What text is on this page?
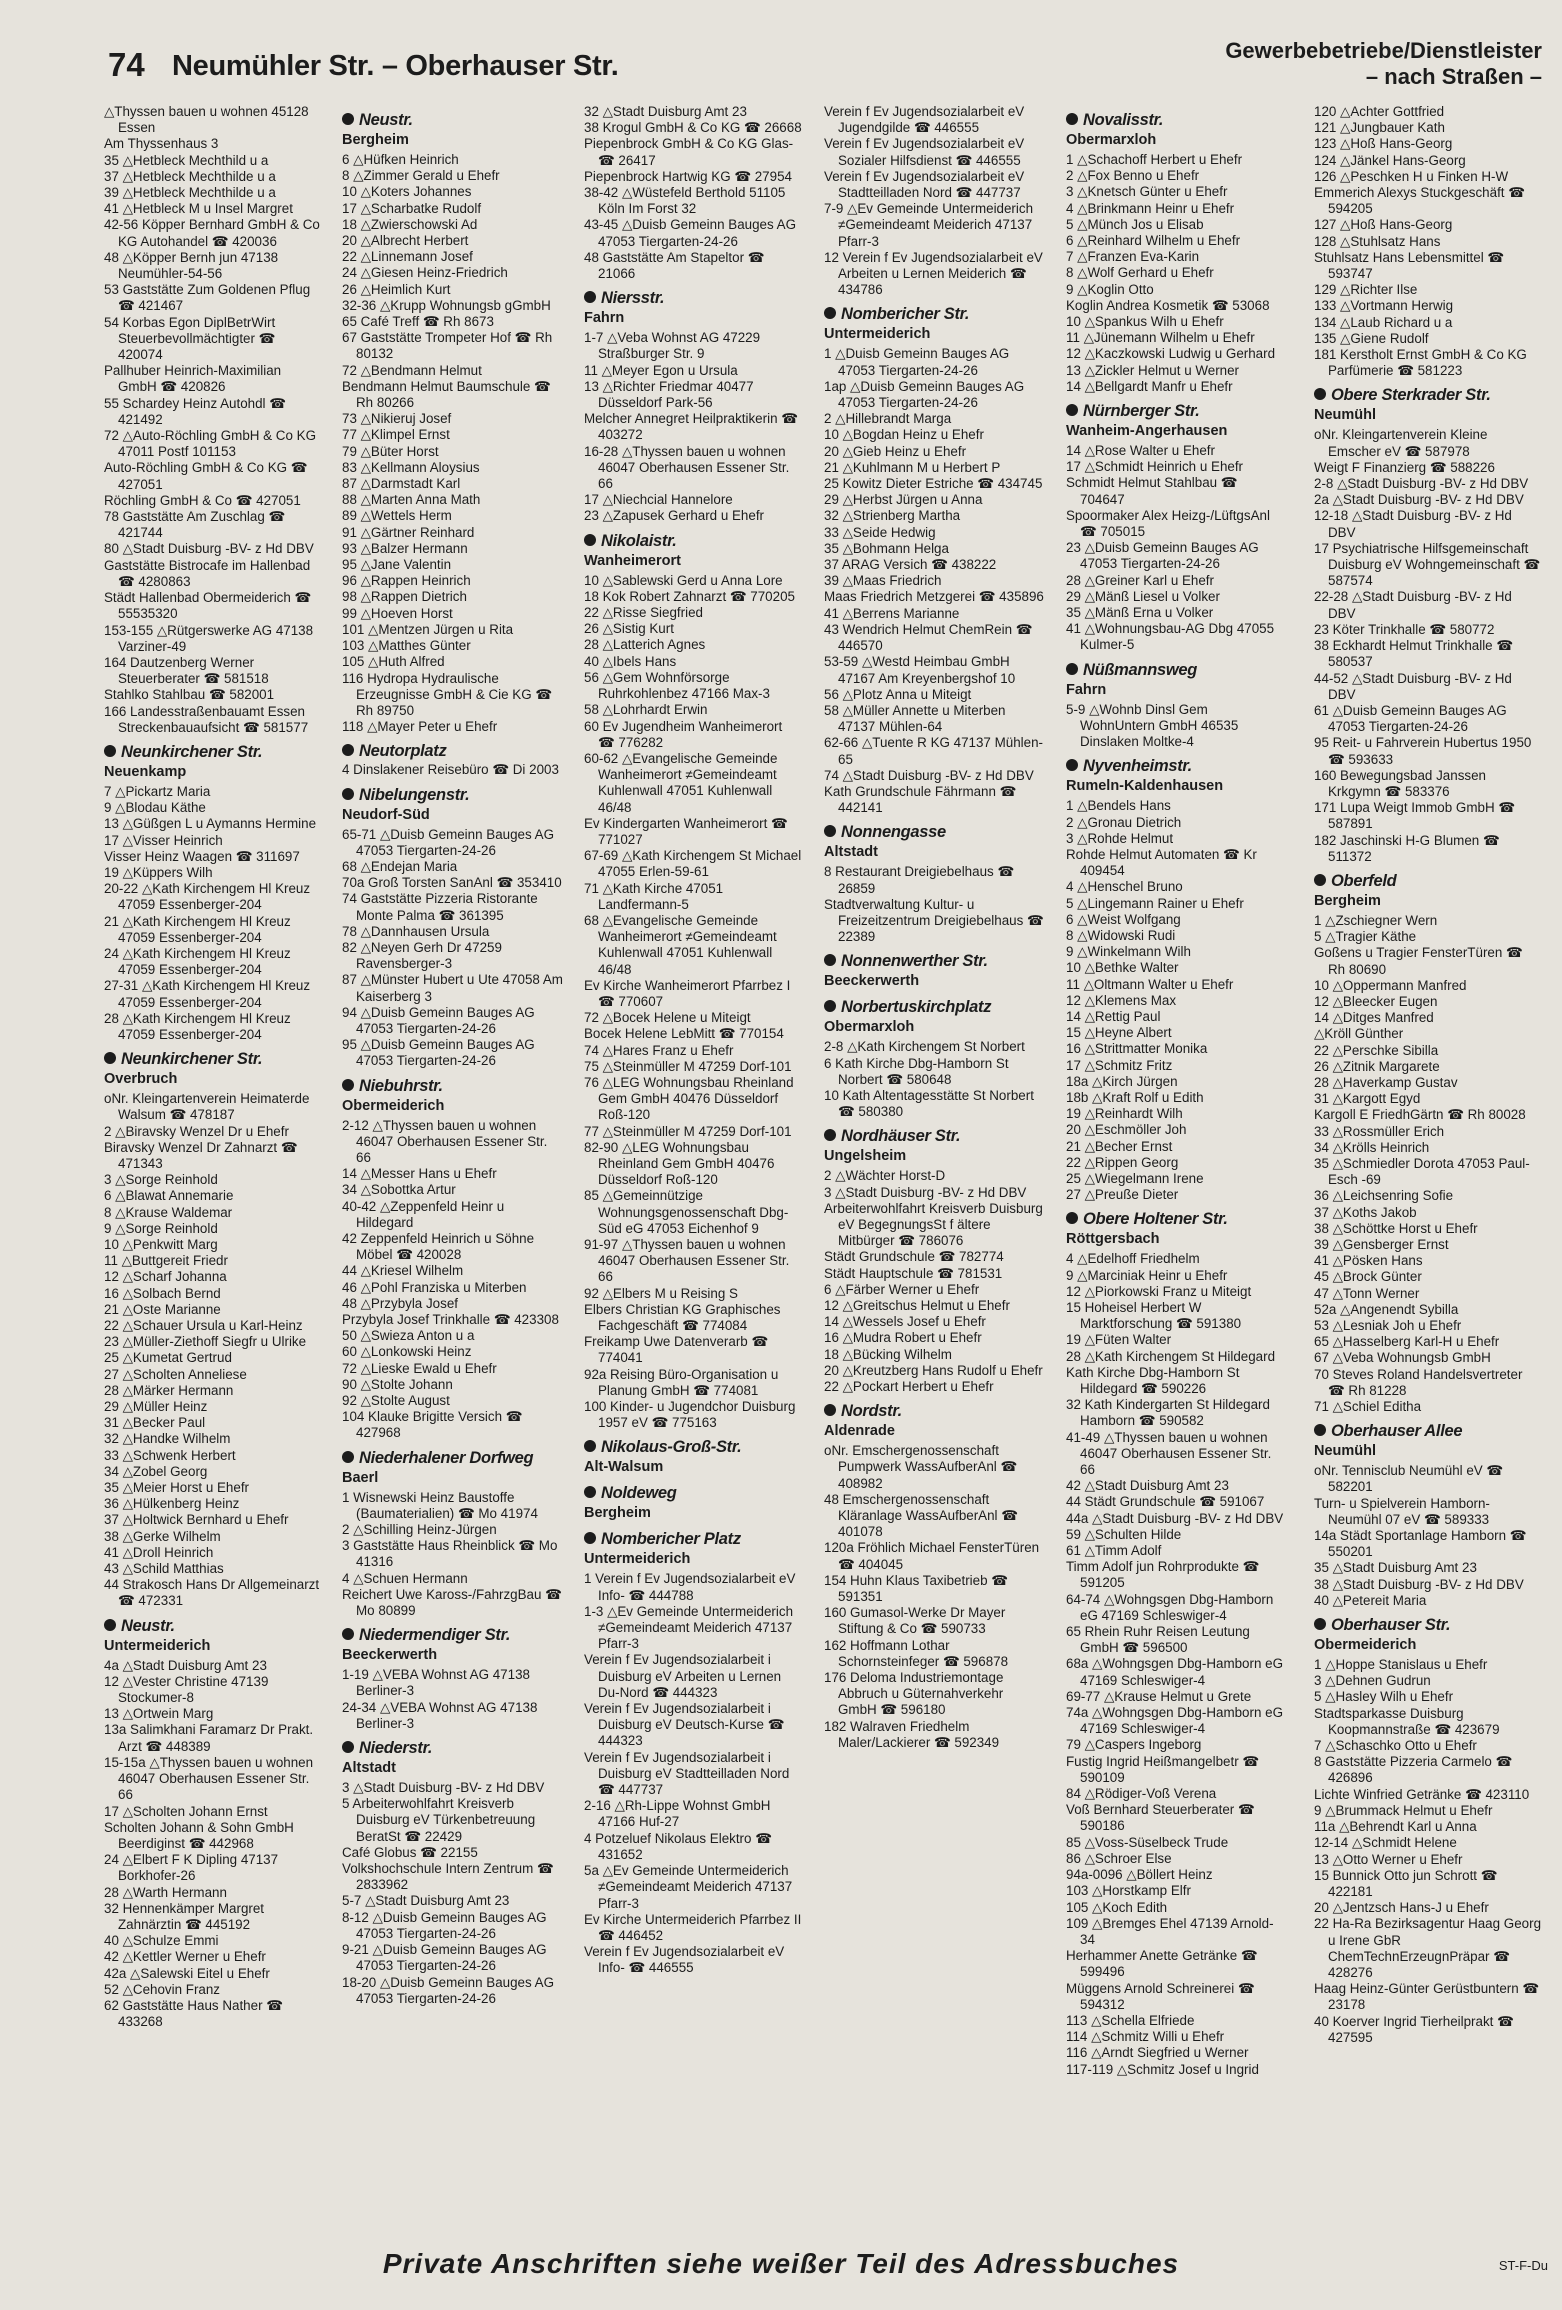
74 Neumühler Str. – Oberhauser Str.	Gewerbebetriebe/Dienstleister
– nach Straßen –
△Thyssen bauen u wohnen 45128 Essen
Am Thyssenhaus 3
35 △Hetbleck Mechthild u a
37 △Hetbleck Mechthilde u a
39 △Hetbleck Mechthilde u a
41 △Hetbleck M u Insel Margret
42-56 Köpper Bernhard GmbH & Co KG Autohandel ☎ 420036
48 △Köpper Bernh jun 47138 Neumühler-54-56
53 Gaststätte Zum Goldenen Pflug ☎ 421467
54 Korbas Egon DiplBetrWirt Steuerbevollmächtigter ☎ 420074
Pallhuber Heinrich-Maximilian GmbH ☎ 420826
55 Schardey Heinz Autohdl ☎ 421492
72 △Auto-Röchling GmbH & Co KG 47011 Postf 101153
Auto-Röchling GmbH & Co KG ☎ 427051
Röchling GmbH & Co ☎ 427051
78 Gaststätte Am Zuschlag ☎ 421744
80 △Stadt Duisburg -BV- z Hd DBV
Gaststätte Bistrocafe im Hallenbad ☎ 4280863
Städt Hallenbad Obermeiderich ☎ 55535320
153-155 △Rütgerswerke AG 47138 Varziner-49
164 Dautzenberg Werner Steuerberater ☎ 581518
Stahlko Stahlbau ☎ 582001
166 Landesstraßenbauamt Essen Streckenbauaufsicht ☎ 581577
Neunkirchener Str.
Neuenkamp
7 △Pickartz Maria
9 △Blodau Käthe
13 △Güßgen L u Aymanns Hermine
17 △Visser Heinrich
Visser Heinz Waagen ☎ 311697
19 △Küppers Wilh
20-22 △Kath Kirchengem Hl Kreuz 47059 Essenberger-204
21 △Kath Kirchengem Hl Kreuz 47059 Essenberger-204
24 △Kath Kirchengem Hl Kreuz 47059 Essenberger-204
27-31 △Kath Kirchengem Hl Kreuz 47059 Essenberger-204
28 △Kath Kirchengem Hl Kreuz 47059 Essenberger-204
Neunkirchener Str.
Overbruch
oNr. Kleingartenverein Heimaterde Walsum ☎ 478187
2 △Biravsky Wenzel Dr u Ehefr
Biravsky Wenzel Dr Zahnarzt ☎ 471343
3 △Sorge Reinhold
6 △Blawat Annemarie
8 △Krause Waldemar
9 △Sorge Reinhold
10 △Penkwitt Marg
11 △Buttgereit Friedr
12 △Scharf Johanna
16 △Solbach Bernd
21 △Oste Marianne
22 △Schauer Ursula u Karl-Heinz
23 △Müller-Ziethoff Siegfr u Ulrike
25 △Kumetat Gertrud
27 △Scholten Anneliese
28 △Märker Hermann
29 △Müller Heinz
31 △Becker Paul
32 △Handke Wilhelm
33 △Schwenk Herbert
34 △Zobel Georg
35 △Meier Horst u Ehefr
36 △Hülkenberg Heinz
37 △Holtwick Bernhard u Ehefr
38 △Gerke Wilhelm
41 △Droll Heinrich
43 △Schild Matthias
44 Strakosch Hans Dr Allgemeinarzt ☎ 472331
Neustr.
Untermeiderich
4a △Stadt Duisburg Amt 23
12 △Vester Christine 47139 Stockumer-8
13 △Ortwein Marg
13a Salimkhani Faramarz Dr Prakt. Arzt ☎ 448389
15-15a △Thyssen bauen u wohnen 46047 Oberhausen Essener Str. 66
17 △Scholten Johann Ernst
Scholten Johann & Sohn GmbH Beerdiginst ☎ 442968
24 △Elbert F K Dipling 47137 Borkhofer-26
28 △Warth Hermann
32 Hennenkämper Margret Zahnärztin ☎ 445192
40 △Schulze Emmi
42 △Kettler Werner u Ehefr
42a △Salewski Eitel u Ehefr
52 △Cehovin Franz
62 Gaststätte Haus Nather ☎ 433268
Neustr.
Bergheim
6 △Hüfken Heinrich
8 △Zimmer Gerald u Ehefr
10 △Koters Johannes
17 △Scharbatke Rudolf
18 △Zwierschowski Ad
20 △Albrecht Herbert
22 △Linnemann Josef
24 △Giesen Heinz-Friedrich
26 △Heimlich Kurt
32-36 △Krupp Wohnungsb gGmbH
65 Café Treff ☎ Rh 8673
67 Gaststätte Trompeter Hof ☎ Rh 80132
72 △Bendmann Helmut
Bendmann Helmut Baumschule ☎ Rh 80266
73 △Nikieruj Josef
77 △Klimpel Ernst
79 △Büter Horst
83 △Kellmann Aloysius
87 △Darmstadt Karl
88 △Marten Anna Math
89 △Wettels Herm
91 △Gärtner Reinhard
93 △Balzer Hermann
95 △Jane Valentin
96 △Rappen Heinrich
98 △Rappen Dietrich
99 △Hoeven Horst
101 △Mentzen Jürgen u Rita
103 △Matthes Günter
105 △Huth Alfred
116 Hydropa Hydraulische Erzeugnisse GmbH & Cie KG ☎ Rh 89750
118 △Mayer Peter u Ehefr
Neutorplatz
4 Dinslakener Reisebüro ☎ Di 2003
Nibelungenstr.
Neudorf-Süd
65-71 △Duisb Gemeinn Bauges AG 47053 Tiergarten-24-26
68 △Endejan Maria
70a Groß Torsten SanAnl ☎ 353410
74 Gaststätte Pizzeria Ristorante Monte Palma ☎ 361395
78 △Dannhausen Ursula
82 △Neyen Gerh Dr 47259 Ravensberger-3
87 △Münster Hubert u Ute 47058 Am Kaiserberg 3
94 △Duisb Gemeinn Bauges AG 47053 Tiergarten-24-26
95 △Duisb Gemeinn Bauges AG 47053 Tiergarten-24-26
Niebuhrstr.
Obermeiderich
2-12 △Thyssen bauen u wohnen 46047 Oberhausen Essener Str. 66
14 △Messer Hans u Ehefr
34 △Sobottka Artur
40-42 △Zeppenfeld Heinr u Hildegard
42 Zeppenfeld Heinrich u Söhne Möbel ☎ 420028
44 △Kriesel Wilhelm
46 △Pohl Franziska u Miterben
48 △Przybyla Josef
Przybyla Josef Trinkhalle ☎ 423308
50 △Swieza Anton u a
60 △Lonkowski Heinz
72 △Lieske Ewald u Ehefr
90 △Stolte Johann
92 △Stolte August
104 Klauke Brigitte Versich ☎ 427968
Niederhalener Dorfweg
Baerl
1 Wisnewski Heinz Baustoffe (Baumaterialien) ☎ Mo 41974
2 △Schilling Heinz-Jürgen
3 Gaststätte Haus Rheinblick ☎ Mo 41316
4 △Schuen Hermann
Reichert Uwe Kaross-/FahrzgBau ☎ Mo 80899
Niedermendiger Str.
Beeckerwerth
1-19 △VEBA Wohnst AG 47138 Berliner-3
24-34 △VEBA Wohnst AG 47138 Berliner-3
Niederstr.
Altstadt
3 △Stadt Duisburg -BV- z Hd DBV
5 Arbeiterwohlfahrt Kreisverb Duisburg eV Türkenbetreuung BeratSt ☎ 22429
Café Globus ☎ 22155
Volkshochschule Intern Zentrum ☎ 2833962
5-7 △Stadt Duisburg Amt 23
8-12 △Duisb Gemeinn Bauges AG 47053 Tiergarten-24-26
9-21 △Duisb Gemeinn Bauges AG 47053 Tiergarten-24-26
18-20 △Duisb Gemeinn Bauges AG 47053 Tiergarten-24-26
32 △Stadt Duisburg Amt 23
38 Krogul GmbH & Co KG ☎ 26668
Piepenbrock GmbH & Co KG Glas- ☎ 26417
Piepenbrock Hartwig KG ☎ 27954
38-42 △Wüstefeld Berthold 51105 Köln Im Forst 32
43-45 △Duisb Gemeinn Bauges AG 47053 Tiergarten-24-26
48 Gaststätte Am Stapeltor ☎ 21066
Niersstr.
Fahrn
1-7 △Veba Wohnst AG 47229 Straßburger Str. 9
11 △Meyer Egon u Ursula
13 △Richter Friedmar 40477 Düsseldorf Park-56
Melcher Annegret Heilpraktikerin ☎ 403272
16-28 △Thyssen bauen u wohnen 46047 Oberhausen Essener Str. 66
17 △Niechcial Hannelore
23 △Zapusek Gerhard u Ehefr
Nikolaistr.
Wanheimerort
10 △Sablewski Gerd u Anna Lore
18 Kok Robert Zahnarzt ☎ 770205
22 △Risse Siegfried
26 △Sistig Kurt
28 △Latterich Agnes
40 △Ibels Hans
56 △Gem Wohnförsorge Ruhrkohlenbez 47166 Max-3
58 △Lohrhardt Erwin
60 Ev Jugendheim Wanheimerort ☎ 776282
60-62 △Evangelische Gemeinde Wanheimerort ≠Gemeindeamt Kuhlenwall 47051 Kuhlenwall 46/48
Ev Kindergarten Wanheimerort ☎ 771027
67-69 △Kath Kirchengem St Michael 47055 Erlen-59-61
71 △Kath Kirche 47051 Landfermann-5
68 △Evangelische Gemeinde Wanheimerort ≠Gemeindeamt Kuhlenwall 47051 Kuhlenwall 46/48
Ev Kirche Wanheimerort Pfarrbez I ☎ 770607
72 △Bocek Helene u Miteigt
Bocek Helene LebMitt ☎ 770154
74 △Hares Franz u Ehefr
75 △Steinmüller M 47259 Dorf-101
76 △LEG Wohnungsbau Rheinland Gem GmbH 40476 Düsseldorf Roß-120
77 △Steinmüller M 47259 Dorf-101
82-90 △LEG Wohnungsbau Rheinland Gem GmbH 40476 Düsseldorf Roß-120
85 △Gemeinnützige Wohnungsgenossenschaft Dbg-Süd eG 47053 Eichenhof 9
91-97 △Thyssen bauen u wohnen 46047 Oberhausen Essener Str. 66
92 △Elbers M u Reising S
Elbers Christian KG Graphisches Fachgeschäft ☎ 774084
Freikamp Uwe Datenverarb ☎ 774041
92a Reising Büro-Organisation u Planung GmbH ☎ 774081
100 Kinder- u Jugendchor Duisburg 1957 eV ☎ 775163
Nikolaus-Groß-Str.
Alt-Walsum
Noldeweg
Bergheim
Nombericher Platz
Untermeiderich
1 Verein f Ev Jugendsozialarbeit eV Info- ☎ 444788
1-3 △Ev Gemeinde Untermeiderich ≠Gemeindeamt Meiderich 47137 Pfarr-3
Verein f Ev Jugendsozialarbeit i Duisburg eV Arbeiten u Lernen Du-Nord ☎ 444323
Verein f Ev Jugendsozialarbeit i Duisburg eV Deutsch-Kurse ☎ 444323
Verein f Ev Jugendsozialarbeit i Duisburg eV Stadtteilladen Nord ☎ 447737
2-16 △Rh-Lippe Wohnst GmbH 47166 Huf-27
4 Potzeluef Nikolaus Elektro ☎ 431652
5a △Ev Gemeinde Untermeiderich ≠Gemeindeamt Meiderich 47137 Pfarr-3
Ev Kirche Untermeiderich Pfarrbez II ☎ 446452
Verein f Ev Jugendsozialarbeit eV Info- ☎ 446555
Verein f Ev Jugendsozialarbeit eV Jugendgilde ☎ 446555
Verein f Ev Jugendsozialarbeit eV Sozialer Hilfsdienst ☎ 446555
Verein f Ev Jugendsozialarbeit eV Stadtteilladen Nord ☎ 447737
7-9 △Ev Gemeinde Untermeiderich ≠Gemeindeamt Meiderich 47137 Pfarr-3
12 Verein f Ev Jugendsozialarbeit eV Arbeiten u Lernen Meiderich ☎ 434786
Nombericher Str.
Untermeiderich
1 △Duisb Gemeinn Bauges AG 47053 Tiergarten-24-26
1ap △Duisb Gemeinn Bauges AG 47053 Tiergarten-24-26
2 △Hillebrandt Marga
10 △Bogdan Heinz u Ehefr
20 △Gieb Heinz u Ehefr
21 △Kuhlmann M u Herbert P
25 Kowitz Dieter Estriche ☎ 434745
29 △Herbst Jürgen u Anna
32 △Strienberg Martha
33 △Seide Hedwig
35 △Bohmann Helga
37 ARAG Versich ☎ 438222
39 △Maas Friedrich
Maas Friedrich Metzgerei ☎ 435896
41 △Berrens Marianne
43 Wendrich Helmut ChemRein ☎ 446570
53-59 △Westd Heimbau GmbH 47167 Am Kreyenbergshof 10
56 △Plotz Anna u Miteigt
58 △Müller Annette u Miterben 47137 Mühlen-64
62-66 △Tuente R KG 47137 Mühlen-65
74 △Stadt Duisburg -BV- z Hd DBV
Kath Grundschule Fährmann ☎ 442141
Nonnengasse
Altstadt
8 Restaurant Dreigiebelhaus ☎ 26859
Stadtverwaltung Kultur- u Freizeitzentrum Dreigiebelhaus ☎ 22389
Nonnenwerther Str.
Beeckerwerth
Norbertuskirchplatz
Obermarxloh
2-8 △Kath Kirchengem St Norbert
6 Kath Kirche Dbg-Hamborn St Norbert ☎ 580648
10 Kath Altentagesstätte St Norbert ☎ 580380
Nordhäuser Str.
Ungelsheim
2 △Wächter Horst-D
3 △Stadt Duisburg -BV- z Hd DBV
Arbeiterwohlfahrt Kreisverb Duisburg eV BegegnungsSt f ältere Mitbürger ☎ 786076
Städt Grundschule ☎ 782774
Städt Hauptschule ☎ 781531
6 △Färber Werner u Ehefr
12 △Greitschus Helmut u Ehefr
14 △Wessels Josef u Ehefr
16 △Mudra Robert u Ehefr
18 △Bücking Wilhelm
20 △Kreutzberg Hans Rudolf u Ehefr
22 △Pockart Herbert u Ehefr
Nordstr.
Aldenrade
oNr. Emschergenossenschaft Pumpwerk WassAufberAnl ☎ 408982
48 Emschergenossenschaft Kläranlage WassAufberAnl ☎ 401078
120a Fröhlich Michael FensterTüren ☎ 404045
154 Huhn Klaus Taxibetrieb ☎ 591351
160 Gumasol-Werke Dr Mayer Stiftung & Co ☎ 590733
162 Hoffmann Lothar Schornsteinfeger ☎ 596878
176 Deloma Industriemontage Abbruch u Güternahverkehr GmbH ☎ 596180
182 Walraven Friedhelm Maler/Lackierer ☎ 592349
Novalisstr.
Obermarxloh
1 △Schachoff Herbert u Ehefr
2 △Fox Benno u Ehefr
3 △Knetsch Günter u Ehefr
4 △Brinkmann Heinr u Ehefr
5 △Münch Jos u Elisab
6 △Reinhard Wilhelm u Ehefr
7 △Franzen Eva-Karin
8 △Wolf Gerhard u Ehefr
9 △Koglin Otto
Koglin Andrea Kosmetik ☎ 53068
10 △Spankus Wilh u Ehefr
11 △Jünemann Wilhelm u Ehefr
12 △Kaczkowski Ludwig u Gerhard
13 △Zickler Helmut u Werner
14 △Bellgardt Manfr u Ehefr
Nürnberger Str.
Wanheim-Angerhausen
14 △Rose Walter u Ehefr
17 △Schmidt Heinrich u Ehefr
Schmidt Helmut Stahlbau ☎ 704647
Spoormaker Alex Heizg-/LüftgsAnl ☎ 705015
23 △Duisb Gemeinn Bauges AG 47053 Tiergarten-24-26
28 △Greiner Karl u Ehefr
29 △Mänß Liesel u Volker
35 △Mänß Erna u Volker
41 △Wohnungsbau-AG Dbg 47055 Kulmer-5
Nüßmannsweg
Fahrn
5-9 △Wohnb Dinsl Gem WohnUntern GmbH 46535 Dinslaken Moltke-4
Nyvenheimstr.
Rumeln-Kaldenhausen
1 △Bendels Hans
2 △Gronau Dietrich
3 △Rohde Helmut
Rohde Helmut Automaten ☎ Kr 409454
4 △Henschel Bruno
5 △Lingemann Rainer u Ehefr
6 △Weist Wolfgang
8 △Widowski Rudi
9 △Winkelmann Wilh
10 △Bethke Walter
11 △Oltmann Walter u Ehefr
12 △Klemens Max
14 △Rettig Paul
15 △Heyne Albert
16 △Strittmatter Monika
17 △Schmitz Fritz
18a △Kirch Jürgen
18b △Kraft Rolf u Edith
19 △Reinhardt Wilh
20 △Eschmöller Joh
21 △Becher Ernst
22 △Rippen Georg
25 △Wiegelmann Irene
27 △Preuße Dieter
Obere Holtener Str.
Röttgersbach
4 △Edelhoff Friedhelm
9 △Marciniak Heinr u Ehefr
12 △Piorkowski Franz u Miteigt
15 Hoheisel Herbert W Marktforschung ☎ 591380
19 △Füten Walter
28 △Kath Kirchengem St Hildegard
Kath Kirche Dbg-Hamborn St Hildegard ☎ 590226
32 Kath Kindergarten St Hildegard Hamborn ☎ 590582
41-49 △Thyssen bauen u wohnen 46047 Oberhausen Essener Str. 66
42 △Stadt Duisburg Amt 23
44 Städt Grundschule ☎ 591067
44a △Stadt Duisburg -BV- z Hd DBV
59 △Schulten Hilde
61 △Timm Adolf
Timm Adolf jun Rohrprodukte ☎ 591205
64-74 △Wohngsgen Dbg-Hamborn eG 47169 Schleswiger-4
65 Rhein Ruhr Reisen Leutung GmbH ☎ 596500
68a △Wohngsgen Dbg-Hamborn eG 47169 Schleswiger-4
69-77 △Krause Helmut u Grete
74a △Wohngsgen Dbg-Hamborn eG 47169 Schleswiger-4
79 △Caspers Ingeborg
Fustig Ingrid Heißmangelbetr ☎ 590109
84 △Rödiger-Voß Verena
Voß Bernhard Steuerberater ☎ 590186
85 △Voss-Süselbeck Trude
86 △Schroer Else
94a-0096 △Böllert Heinz
103 △Horstkamp Elfr
105 △Koch Edith
109 △Bremges Ehel 47139 Arnold-34
Herhammer Anette Getränke ☎ 599496
Müggens Arnold Schreinerei ☎ 594312
113 △Schella Elfriede
114 △Schmitz Willi u Ehefr
116 △Arndt Siegfried u Werner
117-119 △Schmitz Josef u Ingrid
120 △Achter Gottfried
121 △Jungbauer Kath
123 △Hoß Hans-Georg
124 △Jänkel Hans-Georg
126 △Peschken H u Finken H-W
Emmerich Alexys Stuckgeschäft ☎ 594205
127 △Hoß Hans-Georg
128 △Stuhlsatz Hans
Stuhlsatz Hans Lebensmittel ☎ 593747
129 △Richter Ilse
133 △Vortmann Herwig
134 △Laub Richard u a
135 △Giene Rudolf
181 Kerstholt Ernst GmbH & Co KG Parfümerie ☎ 581223
Obere Sterkrader Str.
Neumühl
oNr. Kleingartenverein Kleine Emscher eV ☎ 587978
Weigt F Finanzierg ☎ 588226
2-8 △Stadt Duisburg -BV- z Hd DBV
2a △Stadt Duisburg -BV- z Hd DBV
12-18 △Stadt Duisburg -BV- z Hd DBV
17 Psychiatrische Hilfsgemeinschaft Duisburg eV Wohngemeinschaft ☎ 587574
22-28 △Stadt Duisburg -BV- z Hd DBV
23 Köter Trinkhalle ☎ 580772
38 Eckhardt Helmut Trinkhalle ☎ 580537
44-52 △Stadt Duisburg -BV- z Hd DBV
61 △Duisb Gemeinn Bauges AG 47053 Tiergarten-24-26
95 Reit- u Fahrverein Hubertus 1950 ☎ 593633
160 Bewegungsbad Janssen Krkgymn ☎ 583376
171 Lupa Weigt Immob GmbH ☎ 587891
182 Jaschinski H-G Blumen ☎ 511372
Oberfeld
Bergheim
1 △Zschiegner Wern
5 △Tragier Käthe
Goßens u Tragier FensterTüren ☎ Rh 80690
10 △Oppermann Manfred
12 △Bleecker Eugen
14 △Ditges Manfred
△Kröll Günther
22 △Perschke Sibilla
26 △Zitnik Margarete
28 △Haverkamp Gustav
31 △Kargott Egyd
Kargoll E FriedhGärtn ☎ Rh 80028
33 △Rossmüller Erich
34 △Krölls Heinrich
35 △Schmiedler Dorota 47053 Paul-Esch -69
36 △Leichsenring Sofie
37 △Koths Jakob
38 △Schöttke Horst u Ehefr
39 △Gensberger Ernst
41 △Pösken Hans
45 △Brock Günter
47 △Tonn Werner
52a △Angenendt Sybilla
53 △Lesniak Joh u Ehefr
65 △Hasselberg Karl-H u Ehefr
67 △Veba Wohnungsb GmbH
70 Steves Roland Handelsvertreter ☎ Rh 81228
71 △Schiel Editha
Oberhauser Allee
Neumühl
oNr. Tennisclub Neumühl eV ☎ 582201
Turn- u Spielverein Hamborn-Neumühl 07 eV ☎ 589333
14a Städt Sportanlage Hamborn ☎ 550201
35 △Stadt Duisburg Amt 23
38 △Stadt Duisburg -BV- z Hd DBV
40 △Petereit Maria
Oberhauser Str.
Obermeiderich
1 △Hoppe Stanislaus u Ehefr
3 △Dehnen Gudrun
5 △Hasley Wilh u Ehefr
Stadtsparkasse Duisburg Koopmannstraße ☎ 423679
7 △Schaschko Otto u Ehefr
8 Gaststätte Pizzeria Carmelo ☎ 426896
Lichte Winfried Getränke ☎ 423110
9 △Brummack Helmut u Ehefr
11a △Behrendt Karl u Anna
12-14 △Schmidt Helene
13 △Otto Werner u Ehefr
15 Bunnick Otto jun Schrott ☎ 422181
20 △Jentzsch Hans-J u Ehefr
22 Ha-Ra Bezirksagentur Haag Georg u Irene GbR ChemTechnErzeugnPräpar ☎ 428276
Haag Heinz-Günter Gerüstbuntern ☎ 23178
40 Koerver Ingrid Tierheilprakt ☎ 427595
Private Anschriften siehe weißer Teil des Adressbuches	ST-F-Du
